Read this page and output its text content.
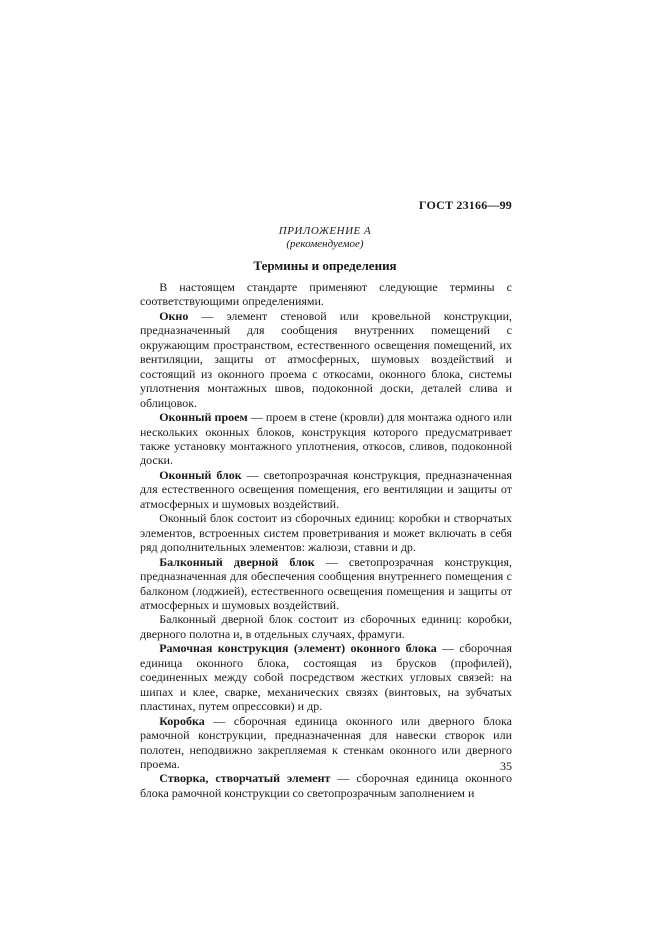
ГОСТ 23166—99
ПРИЛОЖЕНИЕ А
(рекомендуемое)
Термины и определения

В настоящем стандарте применяют следующие термины с соответствующими определениями.

Окно — элемент стеновой или кровельной конструкции, предназначенный для сообщения внутренних помещений с окружающим пространством, естественного освещения помещений, их вентиляции, защиты от атмосферных, шумовых воздействий и состоящий из оконного проема с откосами, оконного блока, системы уплотнения монтажных швов, подоконной доски, деталей слива и облицовок.

Оконный проем — проем в стене (кровли) для монтажа одного или нескольких оконных блоков, конструкция которого предусматривает также установку монтажного уплотнения, откосов, сливов, подоконной доски.

Оконный блок — светопрозрачная конструкция, предназначенная для естественного освещения помещения, его вентиляции и защиты от атмосферных и шумовых воздействий.

Оконный блок состоит из сборочных единиц: коробки и створчатых элементов, встроенных систем проветривания и может включать в себя ряд дополнительных элементов: жалюзи, ставни и др.

Балконный дверной блок — светопрозрачная конструкция, предназначенная для обеспечения сообщения внутреннего помещения с балконом (лоджией), естественного освещения помещения и защиты от атмосферных и шумовых воздействий.

Балконный дверной блок состоит из сборочных единиц: коробки, дверного полотна и, в отдельных случаях, фрамуги.

Рамочная конструкция (элемент) оконного блока — сборочная единица оконного блока, состоящая из брусков (профилей), соединенных между собой посредством жестких угловых связей: на шипах и клее, сварке, механических связях (винтовых, на зубчатых пластинах, путем опрессовки) и др.

Коробка — сборочная единица оконного или дверного блока рамочной конструкции, предназначенная для навески створок или полотен, неподвижно закрепляемая к стенкам оконного или дверного проема.

Створка, створчатый элемент — сборочная единица оконного блока рамочной конструкции со светопрозрачным заполнением и

35
